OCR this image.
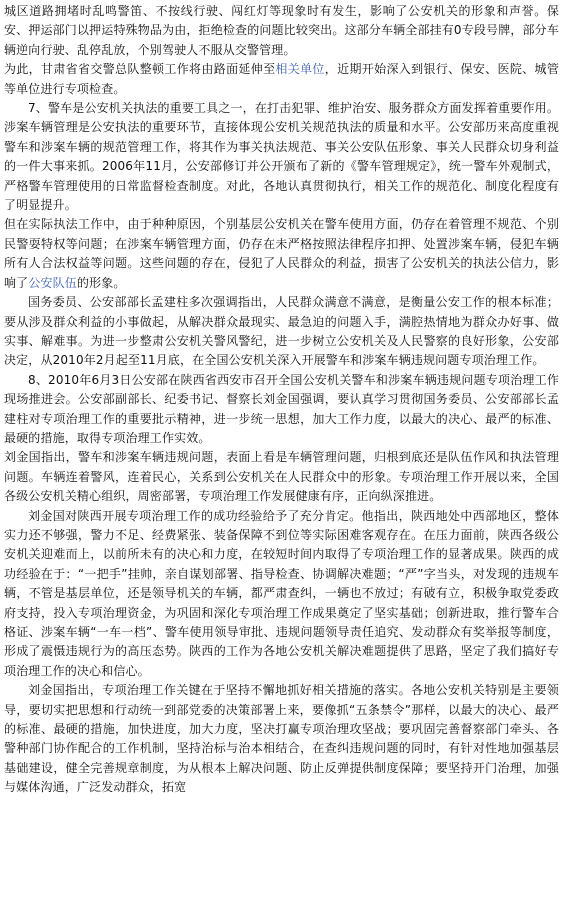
城区道路拥堵时乱鸣警笛、不按线行驶、闯红灯等现象时有发生，影响了公安机关的形象和声誉。保安、押运部门以押运特殊物品为由，拒绝检查的问题比较突出。这部分车辆全部挂有0专段号牌，部分车辆逆向行驶、乱停乱放，个别驾驶人不服从交警管理。

为此，甘肃省省交警总队整顿工作将由路面延伸至相关单位，近期开始深入到银行、保安、医院、城管等单位进行专项检查。

7、警车是公安机关执法的重要工具之一，在打击犯罪、维护治安、服务群众方面发挥着重要作用。涉案车辆管理是公安执法的重要环节，直接体现公安机关规范执法的质量和水平。公安部历来高度重视警车和涉案车辆的规范管理工作，将其作为事关执法规范、事关公安队伍形象、事关人民群众切身利益的一件大事来抓。2006年11月，公安部修订并公开颁布了新的《警车管理规定》，统一警车外观制式，严格警车管理使用的日常监督检查制度。对此，各地认真贯彻执行，相关工作的规范化、制度化程度有了明显提升。

但在实际执法工作中，由于种种原因，个别基层公安机关在警车使用方面，仍存在着管理不规范、个别民警耍特权等问题；在涉案车辆管理方面，仍存在未严格按照法律程序扣押、处置涉案车辆，侵犯车辆所有人合法权益等问题。这些问题的存在，侵犯了人民群众的利益，损害了公安机关的执法公信力，影响了公安队伍的形象。

国务委员、公安部部长孟建柱多次强调指出，人民群众满意不满意，是衡量公安工作的根本标准；要从涉及群众利益的小事做起，从解决群众最现实、最急迫的问题入手，满腔热情地为群众办好事、做实事、解难事。为进一步整肃公安机关警风警纪，进一步树立公安机关及人民警察的良好形象，公安部决定，从2010年2月起至11月底，在全国公安机关深入开展警车和涉案车辆违规问题专项治理工作。

8、2010年6月3日公安部在陕西省西安市召开全国公安机关警车和涉案车辆违规问题专项治理工作现场推进会。公安部副部长、纪委书记、督察长刘金国强调，要认真学习贯彻国务委员、公安部部长孟建柱对专项治理工作的重要批示精神，进一步统一思想，加大工作力度，以最大的决心、最严的标准、最硬的措施，取得专项治理工作实效。

刘金国指出，警车和涉案车辆违规问题，表面上看是车辆管理问题，归根到底还是队伍作风和执法管理问题。车辆连着警风，连着民心，关系到公安机关在人民群众中的形象。专项治理工作开展以来，全国各级公安机关精心组织，周密部署，专项治理工作发展健康有序，正向纵深推进。

刘金国对陕西开展专项治理工作的成功经验给予了充分肯定。他指出，陕西地处中西部地区，整体实力还不够强，警力不足、经费紧张、装备保障不到位等实际困难客观存在。在压力面前，陕西各级公安机关迎难而上，以前所未有的决心和力度，在较短时间内取得了专项治理工作的显著成果。陕西的成功经验在于：“一把手”挂帅，亲自谋划部署、指导检查、协调解决难题；“严”字当头，对发现的违规车辆，不管是基层单位，还是领导机关的车辆，都严肃查纠，一辆也不放过；有破有立，积极争取党委政府支持，投入专项治理资金，为巩固和深化专项治理工作成果奠定了坚实基础；创新进取，推行警车合格证、涉案车辆“一车一档”、警车使用领导审批、违规问题领导责任追究、发动群众有奖举报等制度，形成了震慑违规行为的高压态势。陕西的工作为各地公安机关解决难题提供了思路，坚定了我们搞好专项治理工作的决心和信心。

刘金国指出，专项治理工作关键在于坚持不懈地抓好相关措施的落实。各地公安机关特别是主要领导，要切实把思想和行动统一到部党委的决策部署上来，要像抓“五条禁令”那样，以最大的决心、最严的标准、最硬的措施，加快进度，加大力度，坚决打赢专项治理攻坚战；要巩固完善督察部门牵头、各警种部门协作配合的工作机制，坚持治标与治本相结合，在查纠违规问题的同时，有针对性地加强基层基础建设，健全完善规章制度，为从根本上解决问题、防止反弹提供制度保障；要坚持开门治理，加强与媒体沟通，广泛发动群众，拓宽
